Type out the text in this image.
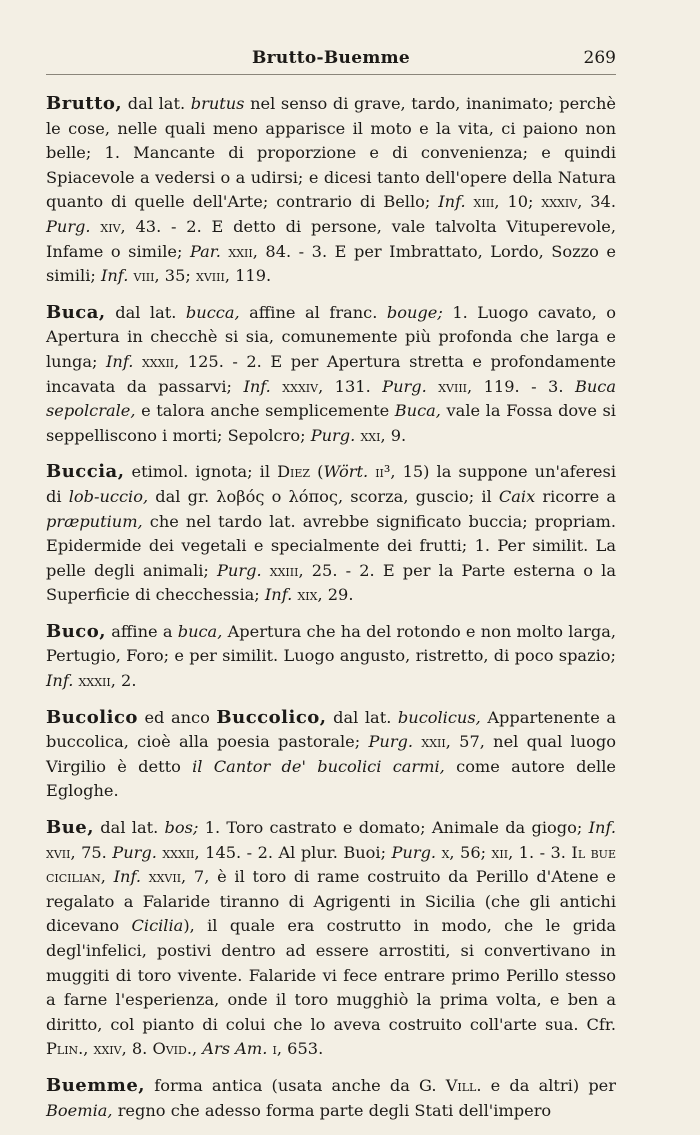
Brutto-Buemme	269

Brutto, dal lat. brutus nel senso di grave, tardo, inanimato; perchè le cose, nelle quali meno apparisce il moto e la vita, ci paiono non belle; 1. Mancante di proporzione e di convenienza; e quindi Spiacevole a vedersi o a udirsi; e dicesi tanto dell'opere della Natura quanto di quelle dell'Arte; contrario di Bello; Inf. xiii, 10; xxxiv, 34. Purg. xiv, 43. - 2. E detto di persone, vale talvolta Vituperevole, Infame o simile; Par. xxii, 84. - 3. E per Imbrattato, Lordo, Sozzo e simili; Inf. viii, 35; xviii, 119.

Buca, dal lat. bucca, affine al franc. bouge; 1. Luogo cavato, o Apertura in checchè si sia, comunemente più profonda che larga e lunga; Inf. xxxii, 125. - 2. E per Apertura stretta e profondamente incavata da passarvi; Inf. xxxiv, 131. Purg. xviii, 119. - 3. Buca sepolcrale, e talora anche semplicemente Buca, vale la Fossa dove si seppelliscono i morti; Sepolcro; Purg. xxi, 9.

Buccia, etimol. ignota; il Diez (Wört. ii³, 15) la suppone un'aferesi di lob-uccio, dal gr. λοβός o λόπος, scorza, guscio; il Caix ricorre a præputium, che nel tardo lat. avrebbe significato buccia; propriam. Epidermide dei vegetali e specialmente dei frutti; 1. Per similit. La pelle degli animali; Purg. xxiii, 25. - 2. E per la Parte esterna o la Superficie di checchessia; Inf. xix, 29.

Buco, affine a buca, Apertura che ha del rotondo e non molto larga, Pertugio, Foro; e per similit. Luogo angusto, ristretto, di poco spazio; Inf. xxxii, 2.

Bucolico ed anco Buccolico, dal lat. bucolicus, Appartenente a buccolica, cioè alla poesia pastorale; Purg. xxii, 57, nel qual luogo Virgilio è detto il Cantor de' bucolici carmi, come autore delle Egloghe.

Bue, dal lat. bos; 1. Toro castrato e domato; Animale da giogo; Inf. xvii, 75. Purg. xxxii, 145. - 2. Al plur. Buoi; Purg. x, 56; xii, 1. - 3. Il bue cicilian, Inf. xxvii, 7, è il toro di rame costruito da Perillo d'Atene e regalato a Falaride tiranno di Agrigenti in Sicilia (che gli antichi dicevano Cicilia), il quale era costrutto in modo, che le grida degl'infelici, postivi dentro ad essere arrostiti, si convertivano in muggiti di toro vivente. Falaride vi fece entrare primo Perillo stesso a farne l'esperienza, onde il toro mugghiò la prima volta, e ben a diritto, col pianto di colui che lo aveva costruito coll'arte sua. Cfr. Plin., xxiv, 8. Ovid., Ars Am. i, 653.

Buemme, forma antica (usata anche da G. Vill. e da altri) per Boemia, regno che adesso forma parte degli Stati dell'impero
